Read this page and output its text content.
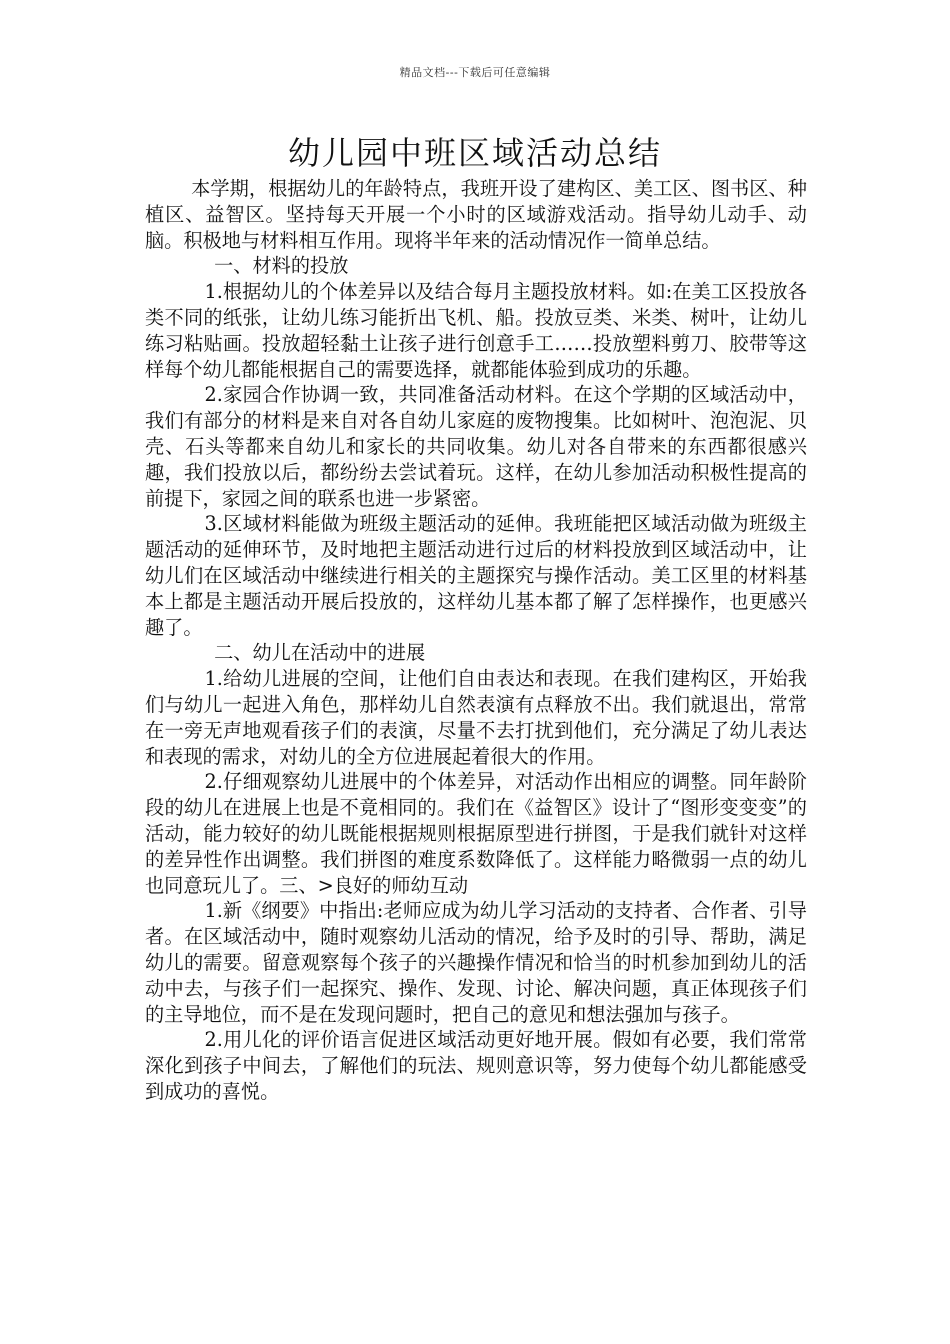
精品文档---下载后可任意编辑
幼儿园中班区域活动总结

本学期，根据幼儿的年龄特点，我班开设了建构区、美工区、图书区、种植区、益智区。坚持每天开展一个小时的区域游戏活动。指导幼儿动手、动脑。积极地与材料相互作用。现将半年来的活动情况作一简单总结。

一、材料的投放

1.根据幼儿的个体差异以及结合每月主题投放材料。如:在美工区投放各类不同的纸张，让幼儿练习能折出飞机、船。投放豆类、米类、树叶，让幼儿练习粘贴画。投放超轻黏土让孩子进行创意手工……投放塑料剪刀、胶带等这样每个幼儿都能根据自己的需要选择，就都能体验到成功的乐趣。

2.家园合作协调一致，共同准备活动材料。在这个学期的区域活动中，我们有部分的材料是来自对各自幼儿家庭的废物搜集。比如树叶、泡泡泥、贝壳、石头等都来自幼儿和家长的共同收集。幼儿对各自带来的东西都很感兴趣，我们投放以后，都纷纷去尝试着玩。这样，在幼儿参加活动积极性提高的前提下，家园之间的联系也进一步紧密。

3.区域材料能做为班级主题活动的延伸。我班能把区域活动做为班级主题活动的延伸环节，及时地把主题活动进行过后的材料投放到区域活动中，让幼儿们在区域活动中继续进行相关的主题探究与操作活动。美工区里的材料基本上都是主题活动开展后投放的，这样幼儿基本都了解了怎样操作，也更感兴趣了。

二、幼儿在活动中的进展

1.给幼儿进展的空间，让他们自由表达和表现。在我们建构区，开始我们与幼儿一起进入角色，那样幼儿自然表演有点释放不出。我们就退出，常常在一旁无声地观看孩子们的表演，尽量不去打扰到他们，充分满足了幼儿表达和表现的需求，对幼儿的全方位进展起着很大的作用。

2.仔细观察幼儿进展中的个体差异，对活动作出相应的调整。同年龄阶段的幼儿在进展上也是不竟相同的。我们在《益智区》设计了“图形变变变”的活动，能力较好的幼儿既能根据规则根据原型进行拼图，于是我们就针对这样的差异性作出调整。我们拼图的难度系数降低了。这样能力略微弱一点的幼儿也同意玩儿了。三、>良好的师幼互动

1.新《纲要》中指出:老师应成为幼儿学习活动的支持者、合作者、引导者。在区域活动中，随时观察幼儿活动的情况，给予及时的引导、帮助，满足幼儿的需要。留意观察每个孩子的兴趣操作情况和恰当的时机参加到幼儿的活动中去，与孩子们一起探究、操作、发现、讨论、解决问题，真正体现孩子们的主导地位，而不是在发现问题时，把自己的意见和想法强加与孩子。

2.用儿化的评价语言促进区域活动更好地开展。假如有必要，我们常常深化到孩子中间去，了解他们的玩法、规则意识等，努力使每个幼儿都能感受到成功的喜悦。
